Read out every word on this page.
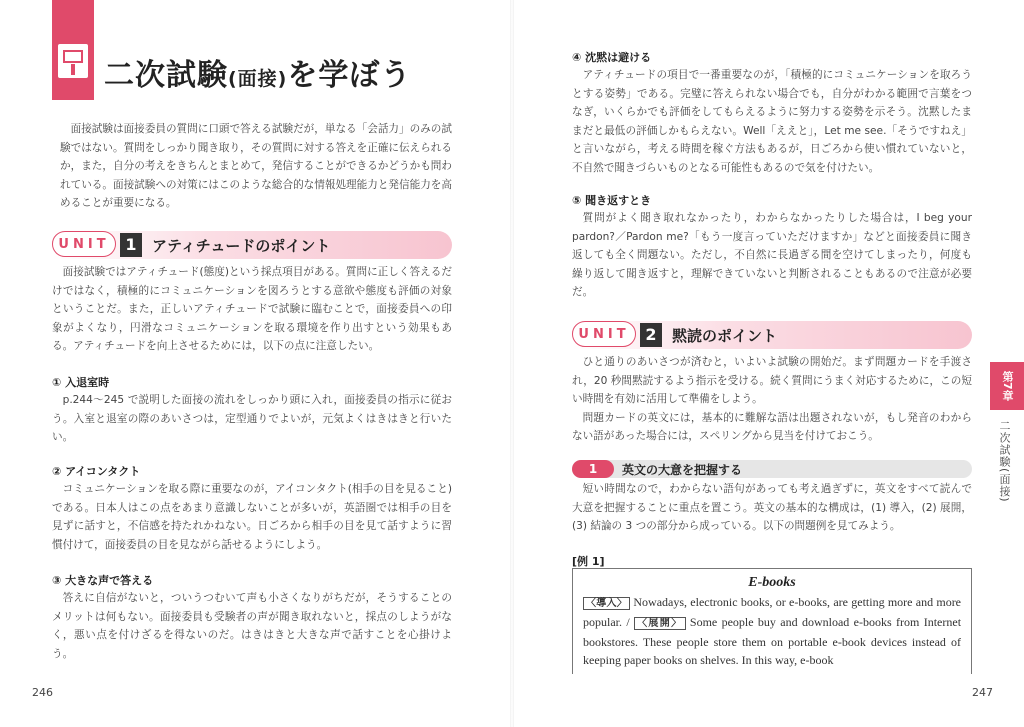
二次試験(面接)を学ぼう

面接試験は面接委員の質問に口頭で答える試験だが，単なる「会話力」のみの試験ではない。質問をしっかり聞き取り，その質問に対する答えを正確に伝えられるか，また，自分の考えをきちんとまとめて，発信することができるかどうかも問われている。面接試験への対策にはこのような総合的な情報処理能力と発信能力を高めることが重要になる。

UNIT 1	アティチュードのポイント

面接試験ではアティチュード(態度)という採点項目がある。質問に正しく答えるだけではなく，積極的にコミュニケーションを図ろうとする意欲や態度も評価の対象ということだ。また，正しいアティチュードで試験に臨むことで，面接委員への印象がよくなり，円滑なコミュニケーションを取る環境を作り出すという効果もある。アティチュードを向上させるためには，以下の点に注意したい。

① 入退室時

p.244〜245 で説明した面接の流れをしっかり頭に入れ，面接委員の指示に従おう。入室と退室の際のあいさつは，定型通りでよいが，元気よくはきはきと行いたい。

② アイコンタクト

コミュニケーションを取る際に重要なのが，アイコンタクト(相手の目を見ること)である。日本人はこの点をあまり意識しないことが多いが，英語圏では相手の目を見ずに話すと，不信感を持たれかねない。日ごろから相手の目を見て話すように習慣付けて，面接委員の目を見ながら話せるようにしよう。

③ 大きな声で答える

答えに自信がないと，ついうつむいて声も小さくなりがちだが，そうすることのメリットは何もない。面接委員も受験者の声が聞き取れないと，採点のしようがなく，悪い点を付けざるを得ないのだ。はきはきと大きな声で話すことを心掛けよう。

246
④ 沈黙は避ける

アティチュードの項目で一番重要なのが，「積極的にコミュニケーションを取ろうとする姿勢」である。完璧に答えられない場合でも，自分がわかる範囲で言葉をつなぎ，いくらかでも評価をしてもらえるように努力する姿勢を示そう。沈黙したままだと最低の評価しかもらえない。Well「ええと」，Let me see.「そうですねえ」と言いながら，考える時間を稼ぐ方法もあるが，日ごろから使い慣れていないと，不自然で聞きづらいものとなる可能性もあるので気を付けたい。

⑤ 聞き返すとき

質問がよく聞き取れなかったり，わからなかったりした場合は，I beg your pardon?／Pardon me?「もう一度言っていただけますか」などと面接委員に聞き返しても全く問題ない。ただし，不自然に長過ぎる間を空けてしまったり，何度も繰り返して聞き返すと，理解できていないと判断されることもあるので注意が必要だ。

UNIT 2	黙読のポイント

ひと通りのあいさつが済むと，いよいよ試験の開始だ。まず問題カードを手渡され，20 秒間黙読するよう指示を受ける。続く質問にうまく対応するために，この短い時間を有効に活用して準備をしよう。

問題カードの英文には，基本的に難解な語は出題されないが，もし発音のわからない語があった場合には，スペリングから見当を付けておこう。

1	英文の大意を把握する

短い時間なので，わからない語句があっても考え過ぎずに，英文をすべて読んで大意を把握することに重点を置こう。英文の基本的な構成は，(1) 導入，(2) 展開，(3) 結論の 3 つの部分から成っている。以下の問題例を見てみよう。

[例 1]
E-books
〈導入〉 Nowadays, electronic books, or e-books, are getting more and more popular. / 〈展開〉 Some people buy and download e-books from Internet bookstores. These people store them on portable e-book devices instead of keeping paper books on shelves. In this way, e-book
第7章
二次試験(面接)
247
